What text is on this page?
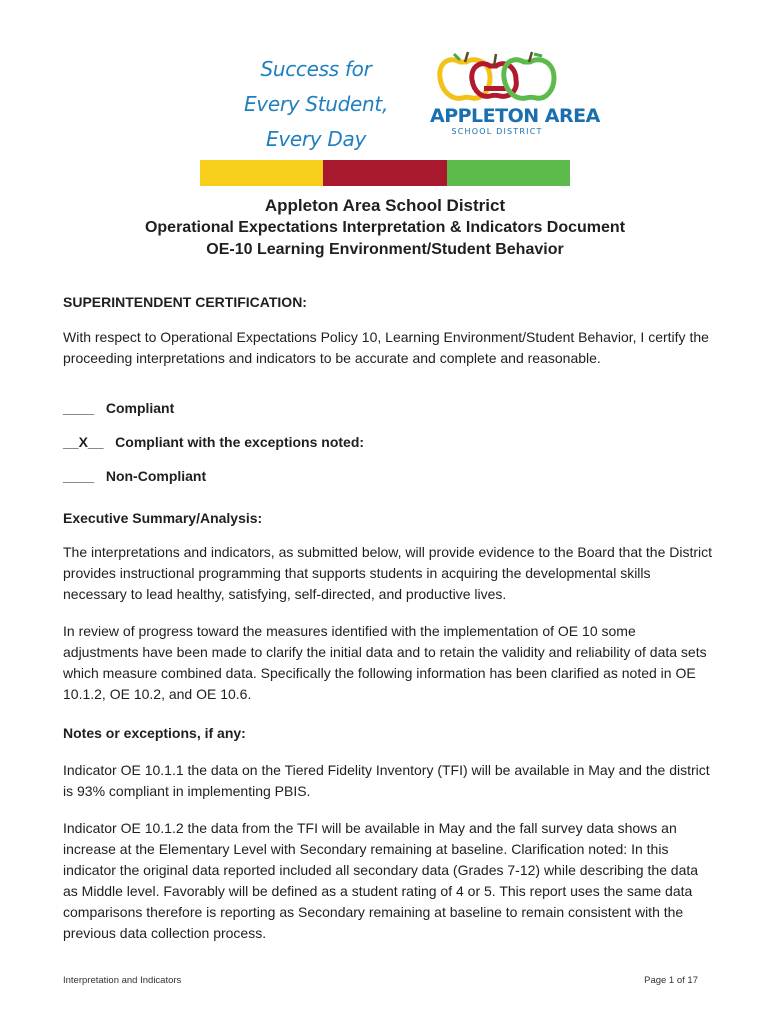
Success for
Every Student,
Every Day
APPLETON AREA
SCHOOL DISTRICT
Appleton Area School District
Operational Expectations Interpretation & Indicators Document
OE-10 Learning Environment/Student Behavior
SUPERINTENDENT CERTIFICATION:
With respect to Operational Expectations Policy 10, Learning Environment/Student Behavior, I certify the proceeding interpretations and indicators to be accurate and complete and reasonable.
____ Compliant
__X__ Compliant with the exceptions noted:
____ Non-Compliant
Executive Summary/Analysis:
The interpretations and indicators, as submitted below, will provide evidence to the Board that the District provides instructional programming that supports students in acquiring the developmental skills necessary to lead healthy, satisfying, self-directed, and productive lives.
In review of progress toward the measures identified with the implementation of OE 10 some adjustments have been made to clarify the initial data and to retain the validity and reliability of data sets which measure combined data. Specifically the following information has been clarified as noted in OE 10.1.2, OE 10.2, and OE 10.6.
Notes or exceptions, if any:
Indicator OE 10.1.1 the data on the Tiered Fidelity Inventory (TFI) will be available in May and the district is 93% compliant in implementing PBIS.
Indicator OE 10.1.2 the data from the TFI will be available in May and the fall survey data shows an increase at the Elementary Level with Secondary remaining at baseline. Clarification noted: In this indicator the original data reported included all secondary data (Grades 7-12) while describing the data as Middle level. Favorably will be defined as a student rating of 4 or 5. This report uses the same data comparisons therefore is reporting as Secondary remaining at baseline to remain consistent with the previous data collection process.
Interpretation and Indicators	Page 1 of 17
